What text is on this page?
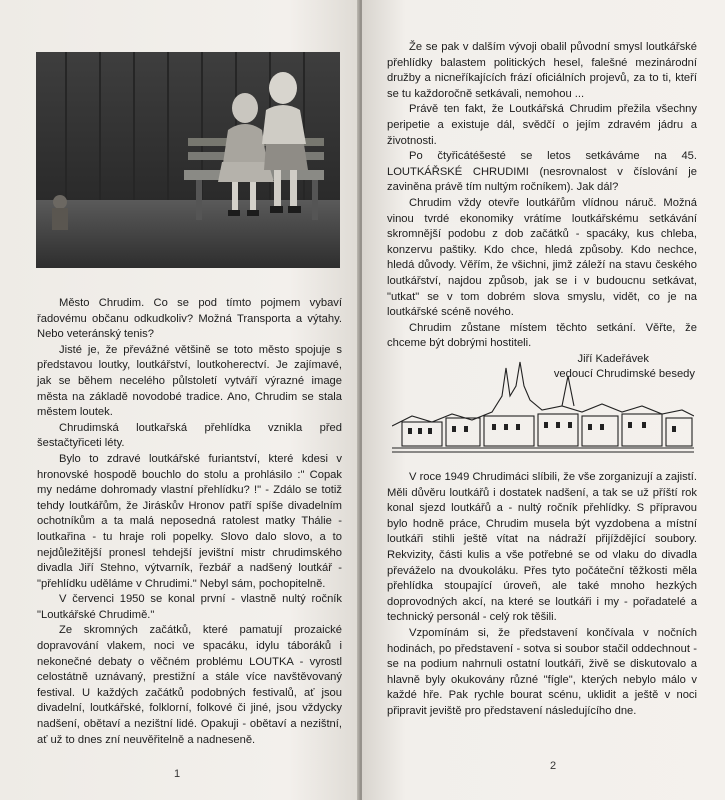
Město Chrudim. Co se pod tímto pojmem vybaví řadovému občanu odkudkoliv? Možná Transporta a výtahy. Nebo veteránský tenis?

Jisté je, že převážné většině se toto město spojuje s představou loutky, loutkářství, loutkoherectví. Je zajímavé, jak se během necelého půlstoletí vytváří výrazné image města na základě novodobé tradice. Ano, Chrudim se stala městem loutek.

Chrudimská loutkařská přehlídka vznikla před šestačtyřiceti léty.

Bylo to zdravé loutkářské furiantství, které kdesi v hronovské hospodě bouchlo do stolu a prohlásilo :" Copak my nedáme dohromady vlastní přehlídku? !" - Zdálo se totiž tehdy loutkářům, že Jiráskův Hronov patří spíše divadelním ochotníkům a ta malá neposedná ratolest matky Thálie - loutkařina - tu hraje roli popelky. Slovo dalo slovo, a to nejdůležitější pronesl tehdejší jevištní mistr chrudimského divadla Jiří Stehno, výtvarník, řezbář a nadšený loutkář - "přehlídku uděláme v Chrudimi." Nebyl sám, pochopitelně.

V červenci 1950 se konal první - vlastně nultý ročník "Loutkářské Chrudimě."

Ze skromných začátků, které pamatují prozaické dopravování vlakem, noci ve spacáku, idylu táboráků i nekonečné debaty o věčném problému LOUTKA - vyrostl celostátně uznávaný, prestižní a stále více navštěvovaný festival. U každých začátků podobných festivalů, ať jsou divadelní, loutkářské, folklorní, folkové či jiné, jsou vždycky nadšení, obětaví a nezištní lidé. Opakuji - obětaví a nezištní, ať už to dnes zní neuvěřitelně a nadneseně.

1

Že se pak v dalším vývoji obalil původní smysl loutkářské přehlídky balastem politických hesel, falešné mezinárodní družby a nicneříkajících frází oficiálních projevů, za to ti, kteří se tu každoročně setkávali, nemohou ...

Právě ten fakt, že Loutkářská Chrudim přežila všechny peripetie a existuje dál, svědčí o jejím zdravém jádru a životnosti.

Po čtyřicátéšesté se letos setkáváme na 45. LOUTKÁŘSKÉ CHRUDIMI (nesrovnalost v číslování je zaviněna právě tím nultým ročníkem). Jak dál?

Chrudim vždy otevře loutkářům vlídnou náruč. Možná vinou tvrdé ekonomiky vrátíme loutkářskému setkávání skromnější podobu z dob začátků - spacáky, kus chleba, konzervu paštiky. Kdo chce, hledá způsoby. Kdo nechce, hledá důvody. Věřím, že všichni, jimž záleží na stavu českého loutkářství, najdou způsob, jak se i v budoucnu setkávat, "utkat" se v tom dobrém slova smyslu, vidět, co je na loutkářské scéně nového.

Chrudim zůstane místem těchto setkání. Věřte, že chceme být dobrými hostiteli.

Jiří Kadeřávek

vedoucí Chrudimské besedy

V roce 1949 Chrudimáci slíbili, že vše zorganizují a zajistí. Měli důvěru loutkářů i dostatek nadšení, a tak se už příští rok konal sjezd loutkářů a - nultý ročník přehlídky. S přípravou bylo hodně práce, Chrudim musela být vyzdobena a místní loutkáři stihli ještě vítat na nádraží přijíždějící soubory. Rekvizity, části kulis a vše potřebné se od vlaku do divadla převáželo na dvoukoláku. Přes tyto počáteční těžkosti měla přehlídka stoupající úroveň, ale také mnoho hezkých doprovodných akcí, na které se loutkáři i my - pořadatelé a technický personál - celý rok těšili.

Vzpomínám si, že představení končívala v nočních hodinách, po představení - sotva si soubor stačil oddechnout - se na podium nahrnuli ostatní loutkáři, živě se diskutovalo a hlavně byly okukovány různé "fígle", kterých nebylo málo v každé hře. Pak rychle bourat scénu, uklidit a ještě v noci připravit jeviště pro představení následujícího dne.

2
